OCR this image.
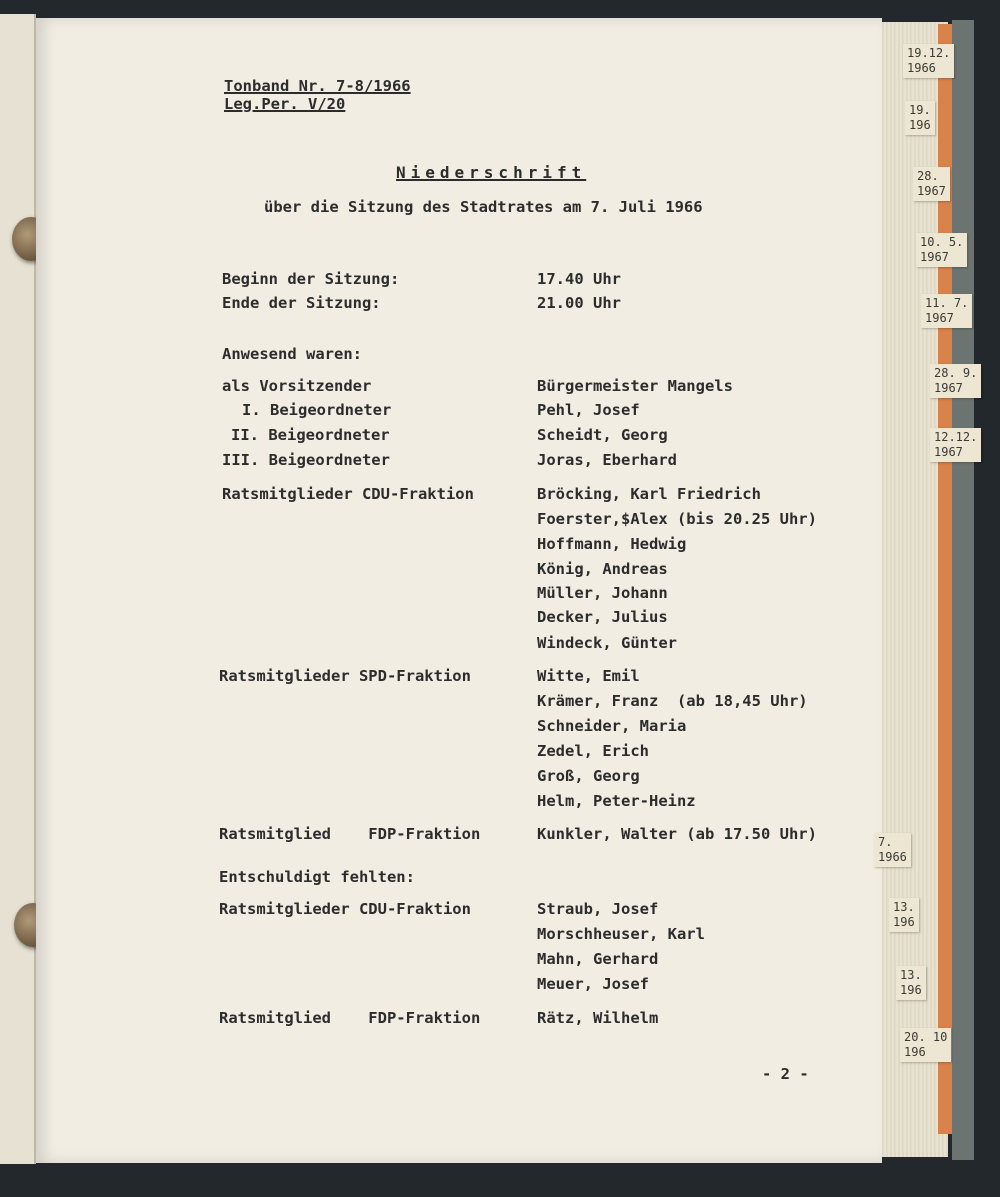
19.12.
1966
19.
196
28.
1967
10. 5.
1967
11. 7.
1967
28. 9.
1967
12.12.
1967
7.
1966
13.
196
13.
196
20. 10
196
Tonband Nr. 7-8/1966
Leg.Per. V/20
Niederschrift
über die Sitzung des Stadtrates am 7. Juli 1966
Beginn der Sitzung:	17.40 Uhr
Ende der Sitzung:	21.00 Uhr
Anwesend waren:
als Vorsitzender	Bürgermeister Mangels
I. Beigeordneter	Pehl, Josef
II. Beigeordneter	Scheidt, Georg
III. Beigeordneter	Joras, Eberhard
Ratsmitglieder CDU-Fraktion	Bröcking, Karl Friedrich
Foerster,$Alex (bis 20.25 Uhr)
Hoffmann, Hedwig
König, Andreas
Müller, Johann
Decker, Julius
Windeck, Günter
Ratsmitglieder SPD-Fraktion	Witte, Emil
Krämer, Franz  (ab 18,45 Uhr)
Schneider, Maria
Zedel, Erich
Groß, Georg
Helm, Peter-Heinz
Ratsmitglied    FDP-Fraktion	Kunkler, Walter (ab 17.50 Uhr)
Entschuldigt fehlten:
Ratsmitglieder CDU-Fraktion	Straub, Josef
Morschheuser, Karl
Mahn, Gerhard
Meuer, Josef
Ratsmitglied    FDP-Fraktion	Rätz, Wilhelm
- 2 -
